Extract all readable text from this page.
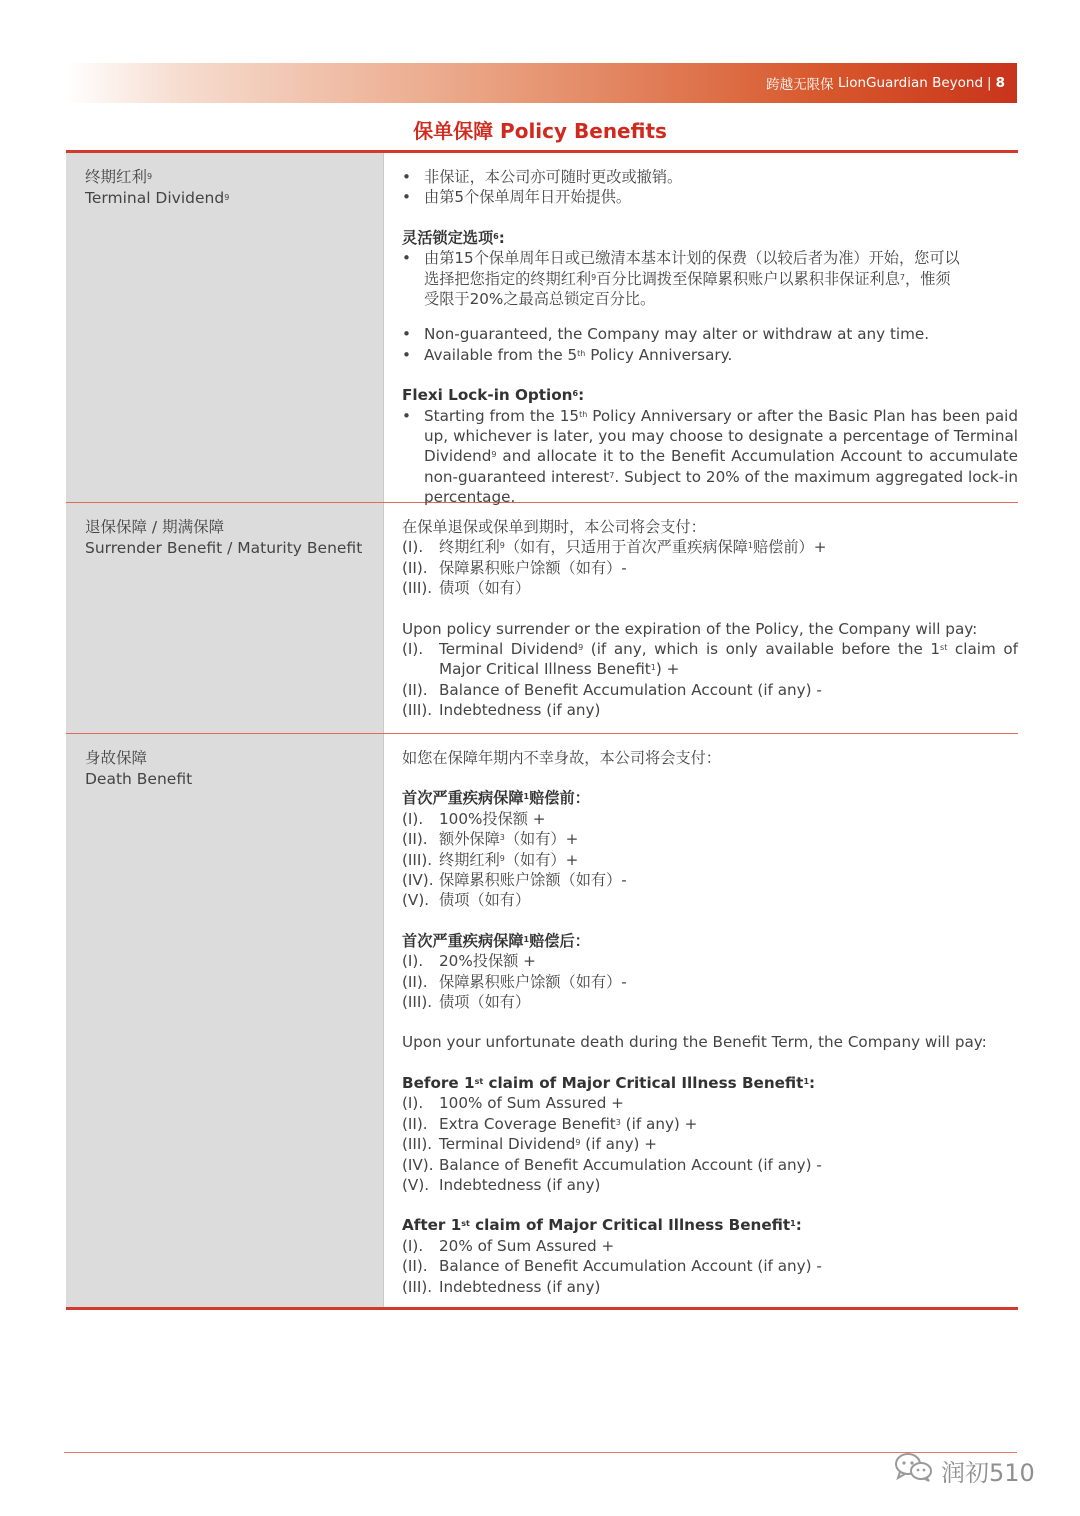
跨越无限保
LionGuardian Beyond | 8
保单保障 Policy Benefits
终期红利$^9$
Terminal Dividend$^9$
• 非保证，本公司亦可随时更改或撤销。
• 由第5个保单周年日开始提供。
灵活锁定选项$^6$:
• 由第15个保单周年日或已缴清本基本计划的保费（以较后者为准）开始，您可以
选择把您指定的终期红利$^9$百分比调拨至保障累积账户以累积非保证利息$^7$，惟须
受限于20%之最高总锁定百分比。
• Non-guaranteed, the Company may alter or withdraw at any time.
• Available from the 5th Policy Anniversary.
Flexi Lock-in Option$^6$:
• Starting from the 15th Policy Anniversary or after the Basic Plan has been paid up, whichever is later, you may choose to designate a percentage of Terminal Dividend$^9$ and allocate it to the Benefit Accumulation Account to accumulate non-guaranteed interest$^7$. Subject to 20% of the maximum aggregated lock-in percentage.
退保保障 / 期满保障
Surrender Benefit / Maturity Benefit
在保单退保或保单到期时，本公司将会支付：
(I).	终期红利$^9$（如有，只适用于首次严重疾病保障$^1$赔偿前）+
(II). 保障累积账户馀额（如有）-
(III). 债项（如有）
Upon policy surrender or the expiration of the Policy, the Company will pay:
(I).	Terminal Dividend$^9$ (if any, which is only available before the 1st claim of Major Critical Illness Benefit$^1$) +
(II). Balance of Benefit Accumulation Account (if any) -
(III). Indebtedness (if any)
身故保障
Death Benefit
如您在保障年期内不幸身故，本公司将会支付：
首次严重疾病保障$^1$赔偿前：
(I).	100%投保额 +
(II). 额外保障$^3$（如有）+
(III). 终期红利$^9$（如有）+
(IV). 保障累积账户馀额（如有）-
(V). 债项（如有）
首次严重疾病保障$^1$赔偿后：
(I).	20%投保额 +
(II). 保障累积账户馀额（如有）-
(III). 债项（如有）
Upon your unfortunate death during the Benefit Term, the Company will pay:
Before 1st claim of Major Critical Illness Benefit$^1$:
(I).	100% of Sum Assured +
(II). Extra Coverage Benefit$^3$ (if any) +
(III). Terminal Dividend$^9$ (if any) +
(IV). Balance of Benefit Accumulation Account (if any) -
(V). Indebtedness (if any)
After 1st claim of Major Critical Illness Benefit$^1$:
(I).	20% of Sum Assured +
(II). Balance of Benefit Accumulation Account (if any) -
(III). Indebtedness (if any)
润初510
